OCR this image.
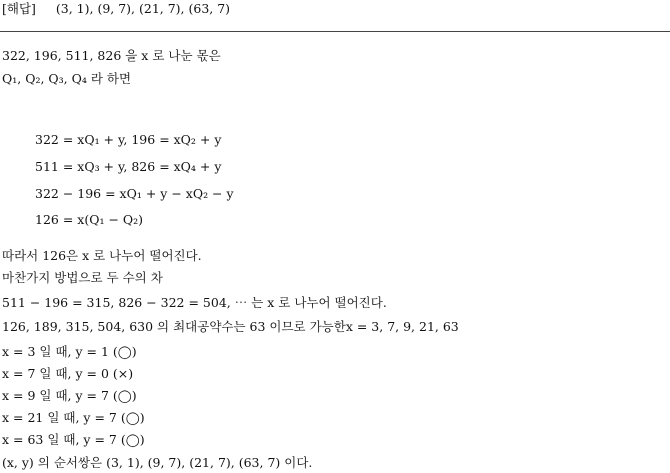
[해답] (3, 1), (9, 7), (21, 7), (63, 7)
322, 196, 511, 826 을 x 로 나눈 몫은
Q₁, Q₂, Q₃, Q₄ 라 하면
322 = xQ₁ + y, 196 = xQ₂ + y
511 = xQ₃ + y, 826 = xQ₄ + y
322 − 196 = xQ₁ + y − xQ₂ − y
126 = x(Q₁ − Q₂)
따라서 126은 x 로 나누어 떨어진다.
마찬가지 방법으로 두 수의 차
511 − 196 = 315, 826 − 322 = 504, ⋯ 는 x 로 나누어 떨어진다.
126, 189, 315, 504, 630 의 최대공약수는 63 이므로 가능한x = 3, 7, 9, 21, 63
x = 3 일 때, y = 1 (◯)
x = 7 일 때, y = 0 (×)
x = 9 일 때, y = 7 (◯)
x = 21 일 때, y = 7 (◯)
x = 63 일 때, y = 7 (◯)
(x, y) 의 순서쌍은 (3, 1), (9, 7), (21, 7), (63, 7) 이다.
